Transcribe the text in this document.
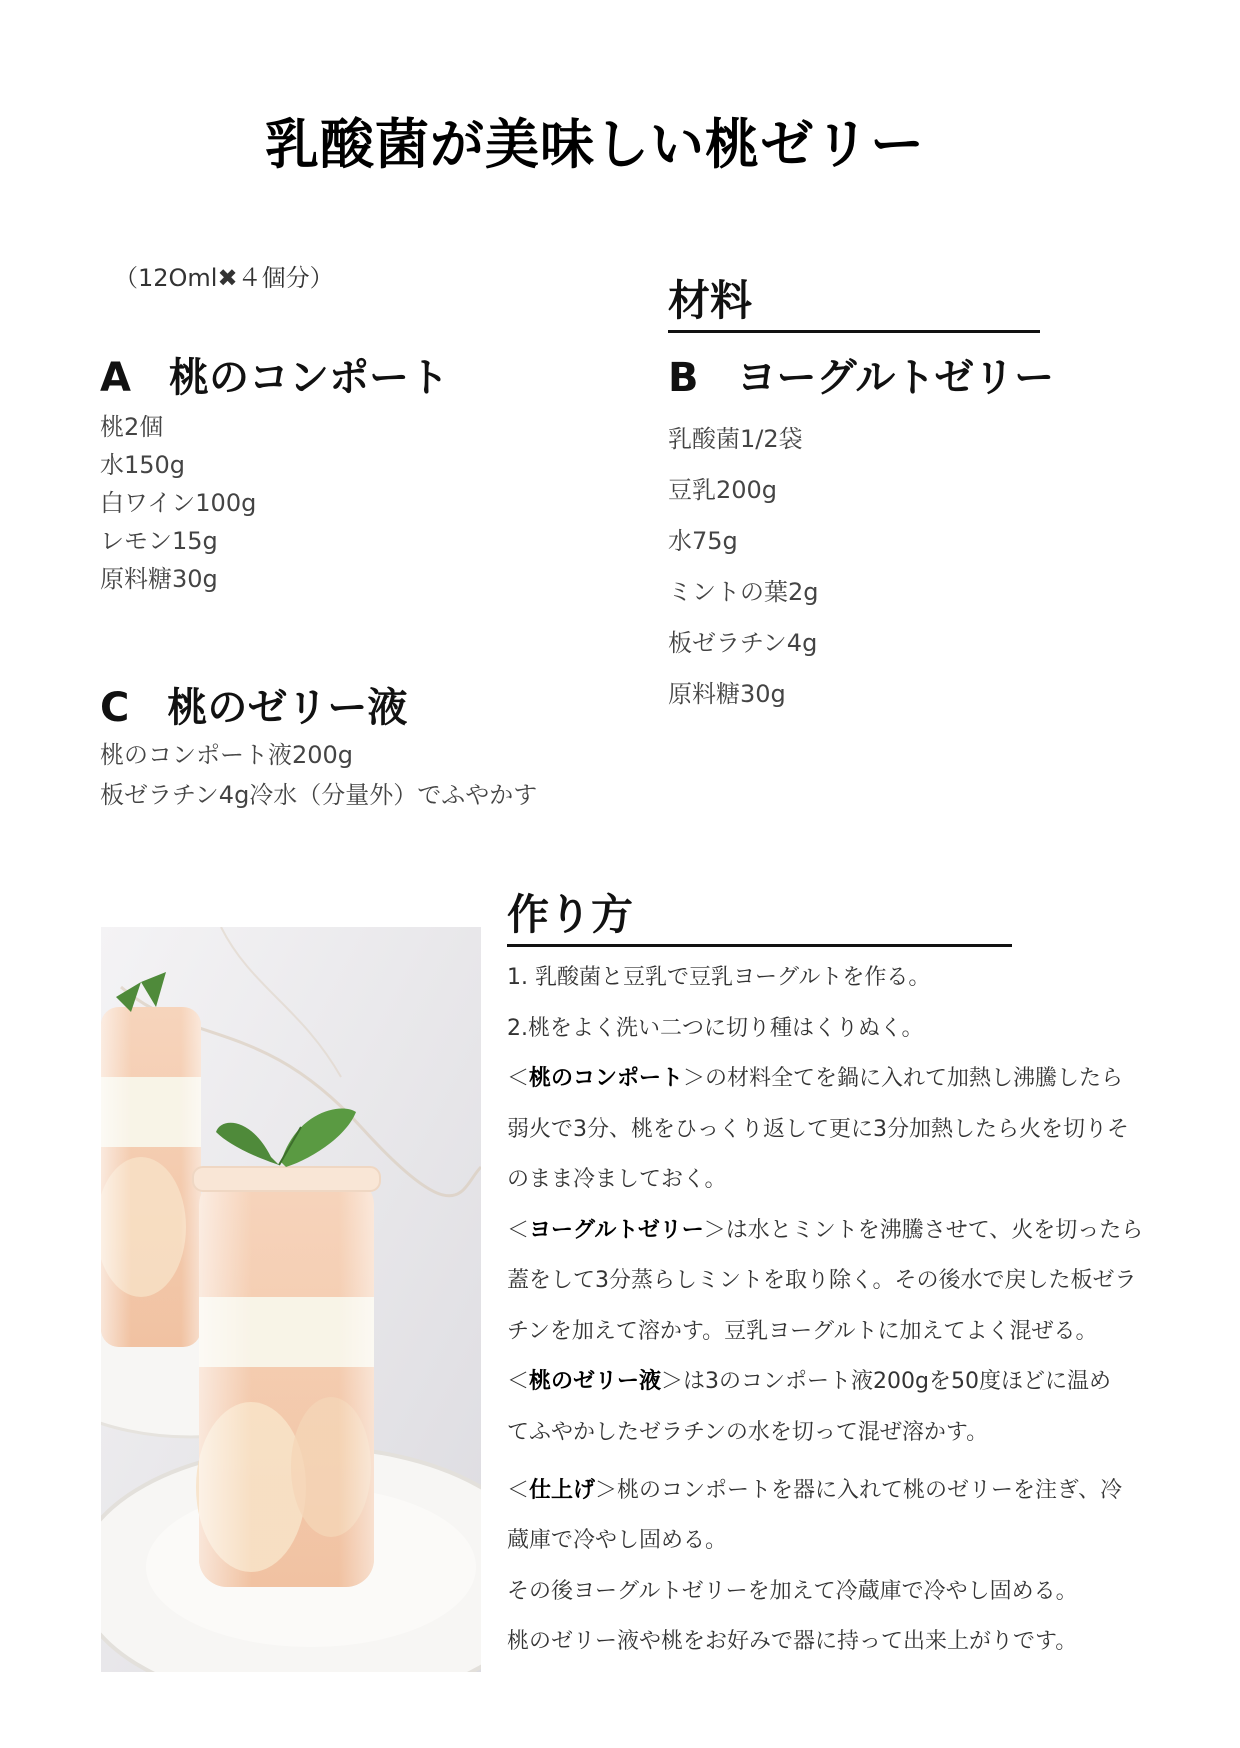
乳酸菌が美味しい桃ゼリー
（12Oml✖４個分）	材料
A 桃のコンポート
桃2個
水150g
白ワイン100g
レモン15g
原料糖30g
B ヨーグルトゼリー
乳酸菌1/2袋
豆乳200g
水75g
ミントの葉2g
板ゼラチン4g
原料糖30g
C 桃のゼリー液
桃のコンポート液200g
板ゼラチン4g冷水（分量外）でふやかす
作り方
1. 乳酸菌と豆乳で豆乳ヨーグルトを作る。
2.桃をよく洗い二つに切り種はくりぬく。
＜桃のコンポート＞の材料全てを鍋に入れて加熱し沸騰したら
弱火で3分、桃をひっくり返して更に3分加熱したら火を切りそ
のまま冷ましておく。
＜ヨーグルトゼリー＞は水とミントを沸騰させて、火を切ったら
蓋をして3分蒸らしミントを取り除く。その後水で戻した板ゼラ
チンを加えて溶かす。豆乳ヨーグルトに加えてよく混ぜる。
＜桃のゼリー液＞は3のコンポート液200gを50度ほどに温め
てふやかしたゼラチンの水を切って混ぜ溶かす。
＜仕上げ＞桃のコンポートを器に入れて桃のゼリーを注ぎ、冷
蔵庫で冷やし固める。
その後ヨーグルトゼリーを加えて冷蔵庫で冷やし固める。
桃のゼリー液や桃をお好みで器に持って出来上がりです。
